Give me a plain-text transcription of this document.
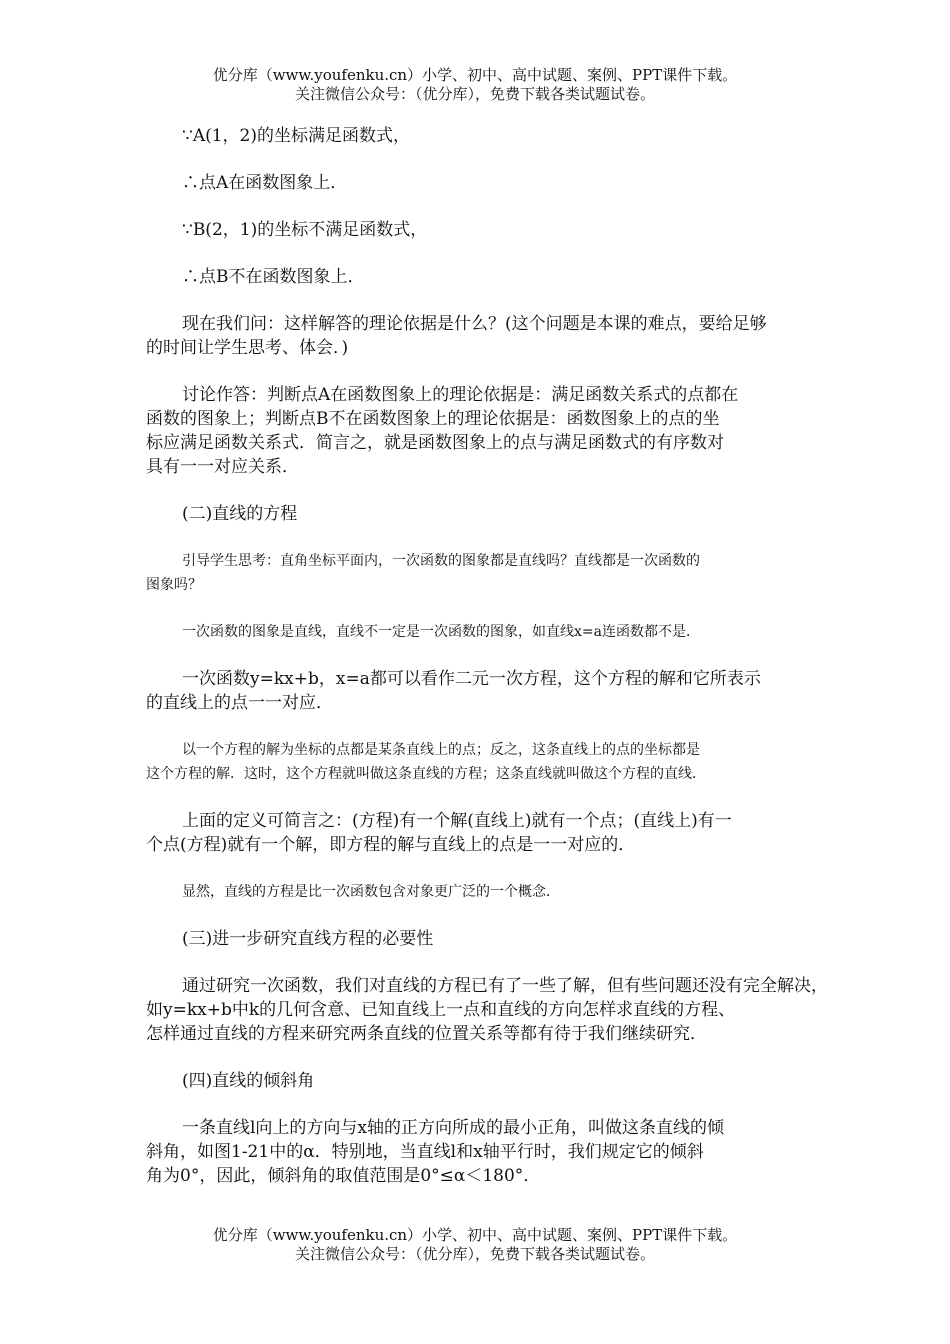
优分库（www.youfenku.cn）小学、初中、高中试题、案例、PPT课件下载。
关注微信公众号：（优分库），免费下载各类试题试卷。

∵A(1，2)的坐标满足函数式，

∴点A在函数图象上．

∵B(2，1)的坐标不满足函数式，

∴点B不在函数图象上．

现在我们问：这样解答的理论依据是什么？(这个问题是本课的难点，要给足够

的时间让学生思考、体会．)

讨论作答：判断点A在函数图象上的理论依据是：满足函数关系式的点都在

函数的图象上；判断点B不在函数图象上的理论依据是：函数图象上的点的坐

标应满足函数关系式．简言之，就是函数图象上的点与满足函数式的有序数对

具有一一对应关系．

(二)直线的方程

引导学生思考：直角坐标平面内，一次函数的图象都是直线吗？直线都是一次函数的

图象吗？

一次函数的图象是直线，直线不一定是一次函数的图象，如直线x=a连函数都不是．

一次函数y=kx+b，x=a都可以看作二元一次方程，这个方程的解和它所表示

的直线上的点一一对应．

以一个方程的解为坐标的点都是某条直线上的点；反之，这条直线上的点的坐标都是

这个方程的解．这时，这个方程就叫做这条直线的方程；这条直线就叫做这个方程的直线．

上面的定义可简言之：(方程)有一个解(直线上)就有一个点；(直线上)有一

个点(方程)就有一个解，即方程的解与直线上的点是一一对应的．

显然，直线的方程是比一次函数包含对象更广泛的一个概念．

(三)进一步研究直线方程的必要性

通过研究一次函数，我们对直线的方程已有了一些了解，但有些问题还没有完全解决，

如y=kx+b中k的几何含意、已知直线上一点和直线的方向怎样求直线的方程、

怎样通过直线的方程来研究两条直线的位置关系等都有待于我们继续研究．

(四)直线的倾斜角

一条直线l向上的方向与x轴的正方向所成的最小正角，叫做这条直线的倾

斜角，如图1-21中的α．特别地，当直线l和x轴平行时，我们规定它的倾斜

角为0°，因此，倾斜角的取值范围是0°≤α＜180°．

优分库（www.youfenku.cn）小学、初中、高中试题、案例、PPT课件下载。
关注微信公众号：（优分库），免费下载各类试题试卷。
